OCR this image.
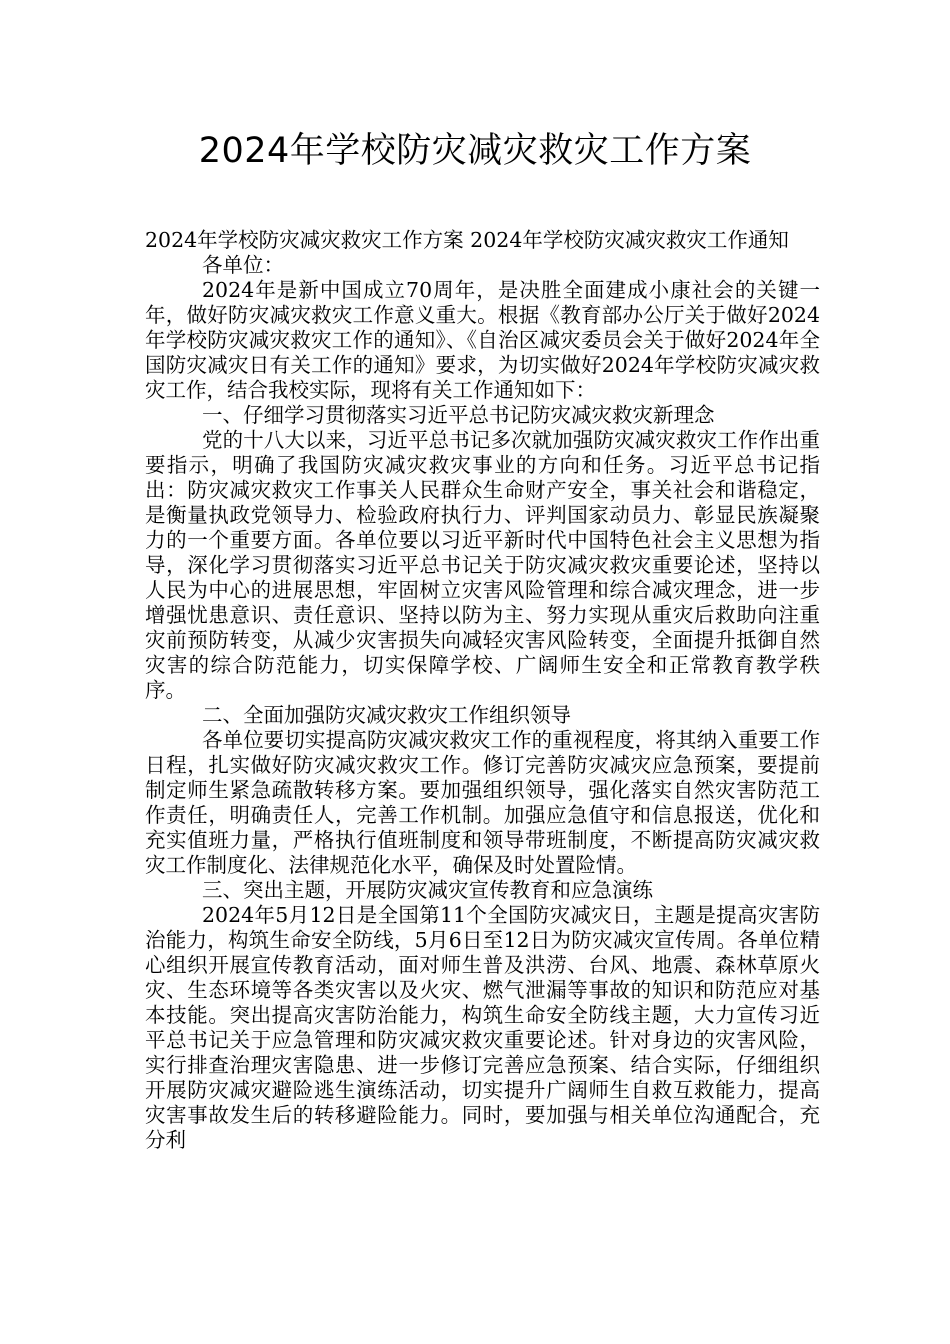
2024年学校防灾减灾救灾工作方案

2024年学校防灾减灾救灾工作方案 2024年学校防灾减灾救灾工作通知

各单位：

2024年是新中国成立70周年，是决胜全面建成小康社会的关键一年，做好防灾减灾救灾工作意义重大。根据《教育部办公厅关于做好2024年学校防灾减灾救灾工作的通知》、《自治区减灾委员会关于做好2024年全国防灾减灾日有关工作的通知》要求，为切实做好2024年学校防灾减灾救灾工作，结合我校实际，现将有关工作通知如下：

一、仔细学习贯彻落实习近平总书记防灾减灾救灾新理念

党的十八大以来，习近平总书记多次就加强防灾减灾救灾工作作出重要指示，明确了我国防灾减灾救灾事业的方向和任务。习近平总书记指出：防灾减灾救灾工作事关人民群众生命财产安全，事关社会和谐稳定，是衡量执政党领导力、检验政府执行力、评判国家动员力、彰显民族凝聚力的一个重要方面。各单位要以习近平新时代中国特色社会主义思想为指导，深化学习贯彻落实习近平总书记关于防灾减灾救灾重要论述，坚持以人民为中心的进展思想，牢固树立灾害风险管理和综合减灾理念，进一步增强忧患意识、责任意识、坚持以防为主、努力实现从重灾后救助向注重灾前预防转变，从减少灾害损失向减轻灾害风险转变，全面提升抵御自然灾害的综合防范能力，切实保障学校、广阔师生安全和正常教育教学秩序。

二、全面加强防灾减灾救灾工作组织领导

各单位要切实提高防灾减灾救灾工作的重视程度，将其纳入重要工作日程，扎实做好防灾减灾救灾工作。修订完善防灾减灾应急预案，要提前制定师生紧急疏散转移方案。要加强组织领导，强化落实自然灾害防范工作责任，明确责任人，完善工作机制。加强应急值守和信息报送，优化和充实值班力量，严格执行值班制度和领导带班制度，不断提高防灾减灾救灾工作制度化、法律规范化水平，确保及时处置险情。

三、突出主题，开展防灾减灾宣传教育和应急演练

2024年5月12日是全国第11个全国防灾减灾日，主题是提高灾害防治能力，构筑生命安全防线，5月6日至12日为防灾减灾宣传周。各单位精心组织开展宣传教育活动，面对师生普及洪涝、台风、地震、森林草原火灾、生态环境等各类灾害以及火灾、燃气泄漏等事故的知识和防范应对基本技能。突出提高灾害防治能力，构筑生命安全防线主题，大力宣传习近平总书记关于应急管理和防灾减灾救灾重要论述。针对身边的灾害风险，实行排查治理灾害隐患、进一步修订完善应急预案、结合实际，仔细组织开展防灾减灾避险逃生演练活动，切实提升广阔师生自救互救能力，提高灾害事故发生后的转移避险能力。同时，要加强与相关单位沟通配合，充分利
